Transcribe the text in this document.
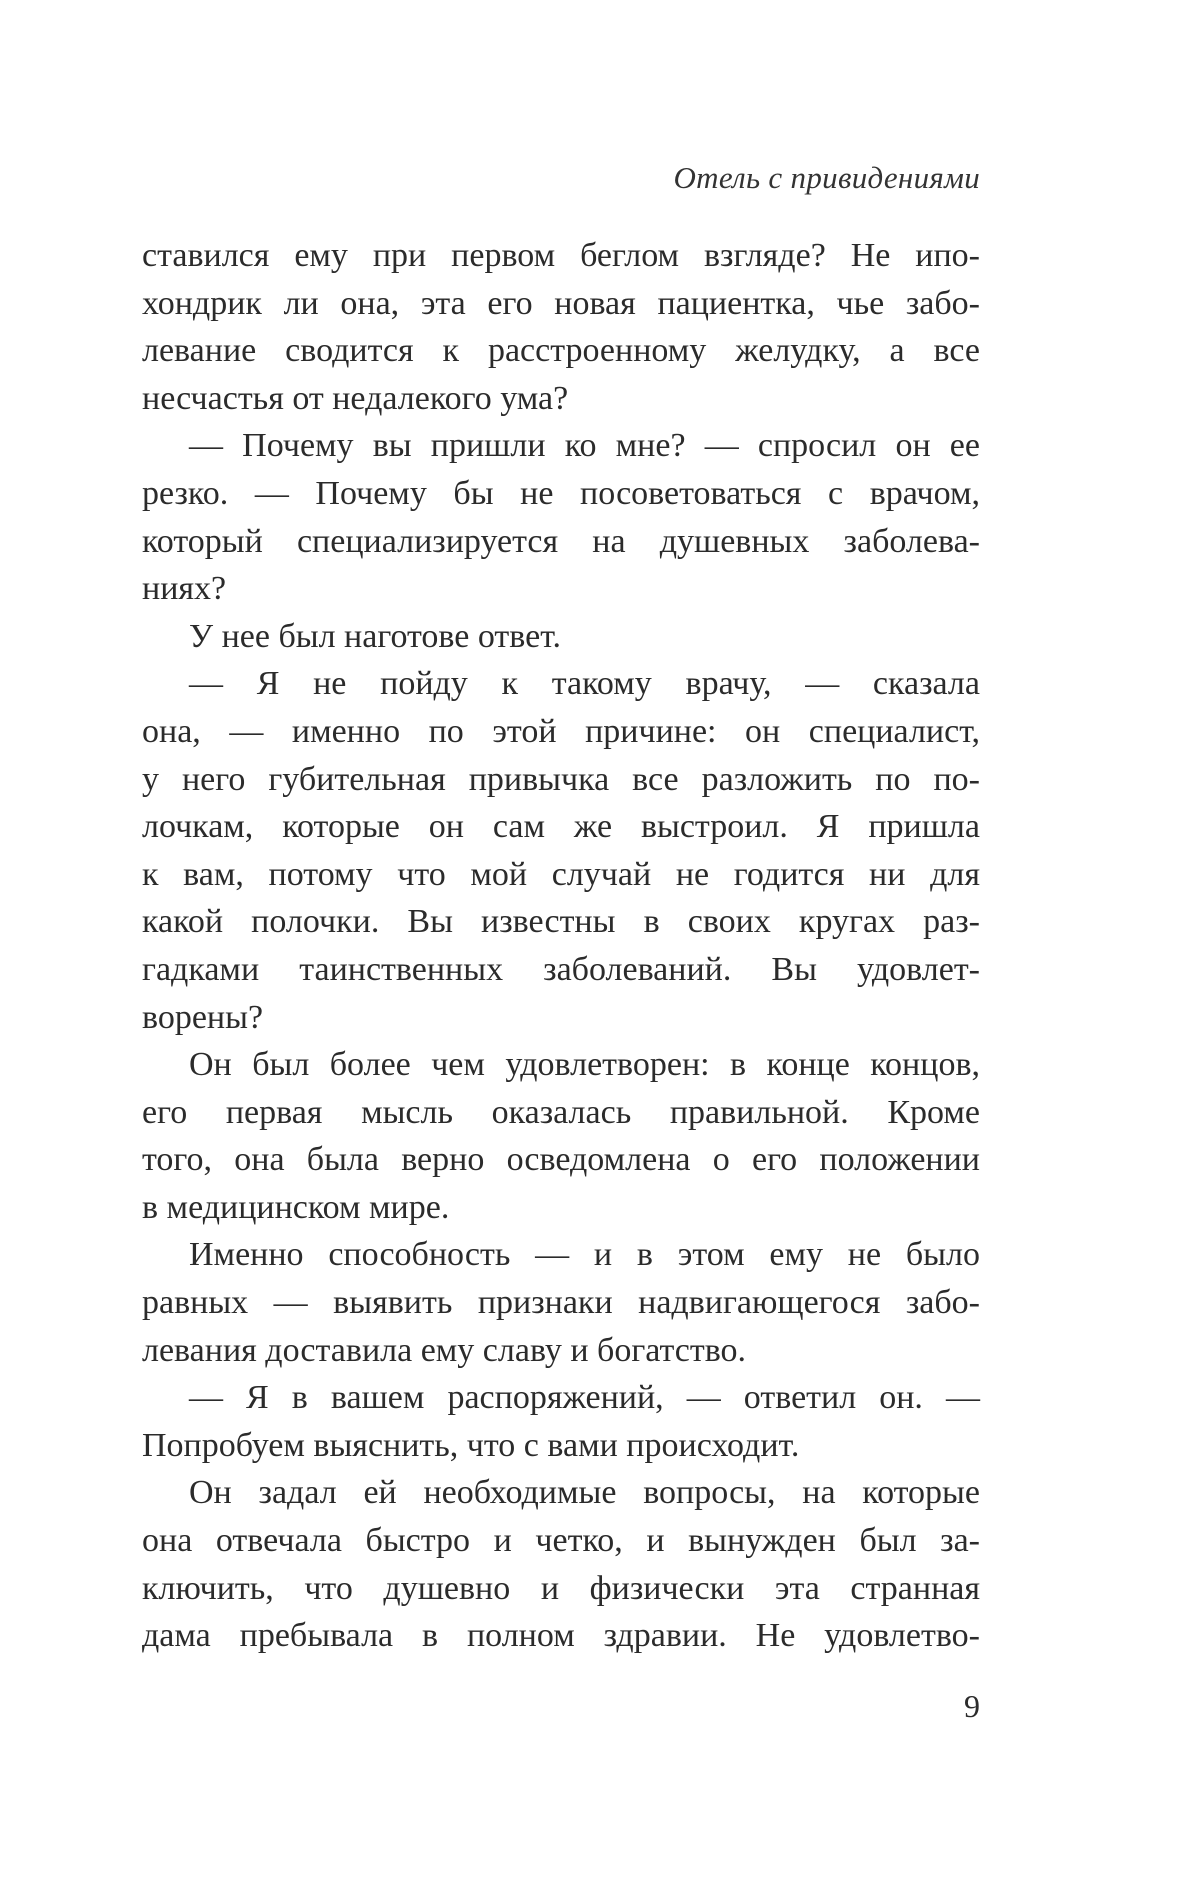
Отель с привидениями
ставился ему при первом беглом взгляде? Не ипо-
хондрик ли она, эта его новая пациентка, чье забо-
левание сводится к расстроенному желудку, а все
несчастья от недалекого ума?
— Почему вы пришли ко мне? — спросил он ее
резко. — Почему бы не посоветоваться с врачом,
который специализируется на душевных заболева-
ниях?
У нее был наготове ответ.
— Я не пойду к такому врачу, — сказала
она, — именно по этой причине: он специалист,
у него губительная привычка все разложить по по-
лочкам, которые он сам же выстроил. Я пришла
к вам, потому что мой случай не годится ни для
какой полочки. Вы известны в своих кругах раз-
гадками таинственных заболеваний. Вы удовлет-
ворены?
Он был более чем удовлетворен: в конце концов,
его первая мысль оказалась правильной. Кроме
того, она была верно осведомлена о его положении
в медицинском мире.
Именно способность — и в этом ему не было
равных — выявить признаки надвигающегося забо-
левания доставила ему славу и богатство.
— Я в вашем распоряжений, — ответил он. —
Попробуем выяснить, что с вами происходит.
Он задал ей необходимые вопросы, на которые
она отвечала быстро и четко, и вынужден был за-
ключить, что душевно и физически эта странная
дама пребывала в полном здравии. Не удовлетво-
9
